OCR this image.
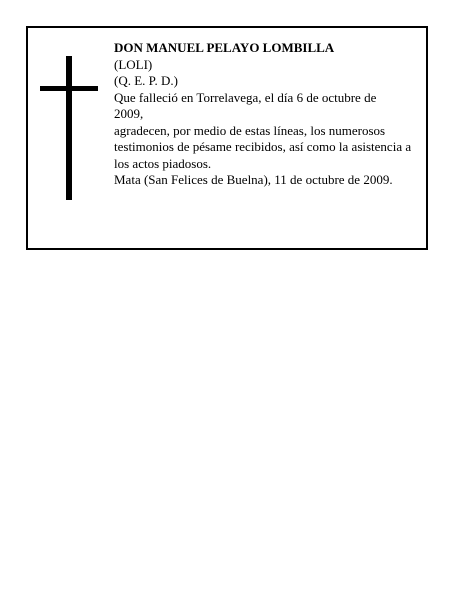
DON MANUEL PELAYO LOMBILLA

(LOLI)

(Q. E. P. D.)

Que falleció en Torrelavega, el día 6 de octubre de

2009,

agradecen, por medio de estas líneas, los numerosos testimonios de pésame recibidos, así como la asistencia a los actos piadosos.

Mata (San Felices de Buelna), 11 de octubre de 2009.
